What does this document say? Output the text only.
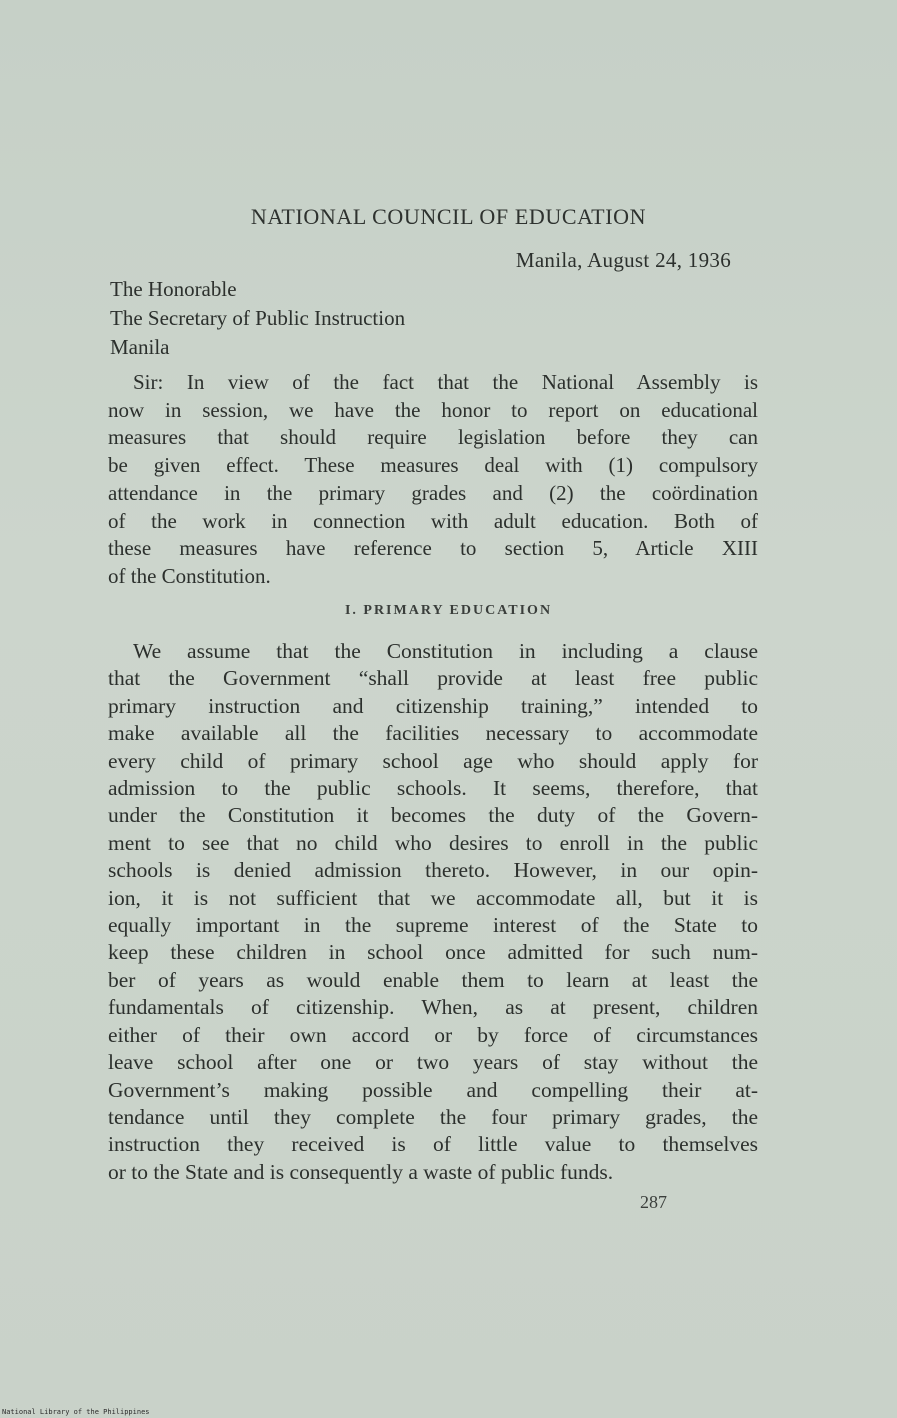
NATIONAL COUNCIL OF EDUCATION
Manila, August 24, 1936
The Honorable
The Secretary of Public Instruction
Manila
Sir: In view of the fact that the National Assembly is
now in session, we have the honor to report on educational
measures that should require legislation before they can
be given effect. These measures deal with (1) compulsory
attendance in the primary grades and (2) the coördination
of the work in connection with adult education. Both of
these measures have reference to section 5, Article XIII
of the Constitution.
I. PRIMARY EDUCATION
We assume that the Constitution in including a clause
that the Government “shall provide at least free public
primary instruction and citizenship training,” intended to
make available all the facilities necessary to accommodate
every child of primary school age who should apply for
admission to the public schools. It seems, therefore, that
under the Constitution it becomes the duty of the Govern-
ment to see that no child who desires to enroll in the public
schools is denied admission thereto. However, in our opin-
ion, it is not sufficient that we accommodate all, but it is
equally important in the supreme interest of the State to
keep these children in school once admitted for such num-
ber of years as would enable them to learn at least the
fundamentals of citizenship. When, as at present, children
either of their own accord or by force of circumstances
leave school after one or two years of stay without the
Government’s making possible and compelling their at-
tendance until they complete the four primary grades, the
instruction they received is of little value to themselves
or to the State and is consequently a waste of public funds.
287
National Library of the Philippines
